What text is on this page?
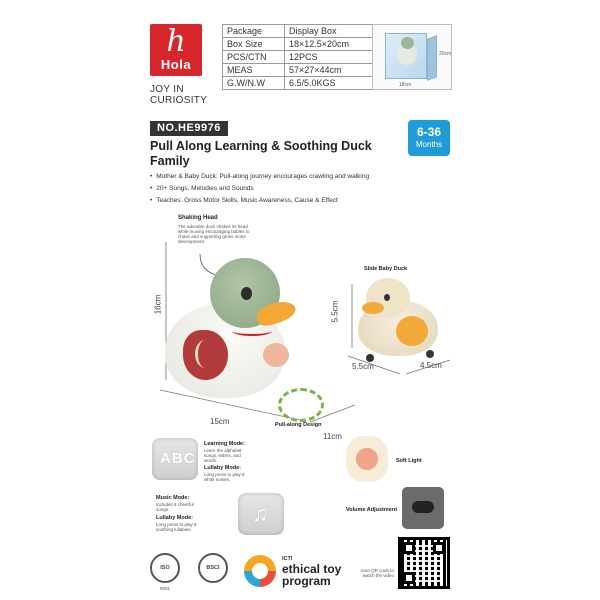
h
Hola
JOY IN CURIOSITY
Package	Display Box
Box Size	18×12.5×20cm
PCS/CTN	12PCS
MEAS	57×27×44cm
G.W/N.W	6.5/5.0KGS	18cm
20cm
NO.HE9976	6-36
Months
Pull Along Learning & Soothing Duck Family
• Mother & Baby Duck: Pull-along journey encourages crawling and walking
• 20+ Songs, Melodies and Sounds
• Teaches: Gross Motor Skills, Music Awareness, Cause & Effect
Shaking Head
The adorable duck shakes its head while moving encouraging babies to chase and supporting gross motor development.
16cm
15cm
11cm
Pull-along Design
Slide Baby Duck
5.5cm
5.5cm	4.5cm
ABC
Learning Mode:
Learn the alphabet songs, letters, and words.
Lullaby Mode:
Long press to play 5 white noises.
Music Mode:
Includes 8 cheerful songs.
Lullaby Mode:
Long press to play 8 soothing lullabies.
♫
Soft Light
Volume Adjustment
ISO
9001
BSCI
ICTI
ethical toy
program
scan QR code to watch the video
